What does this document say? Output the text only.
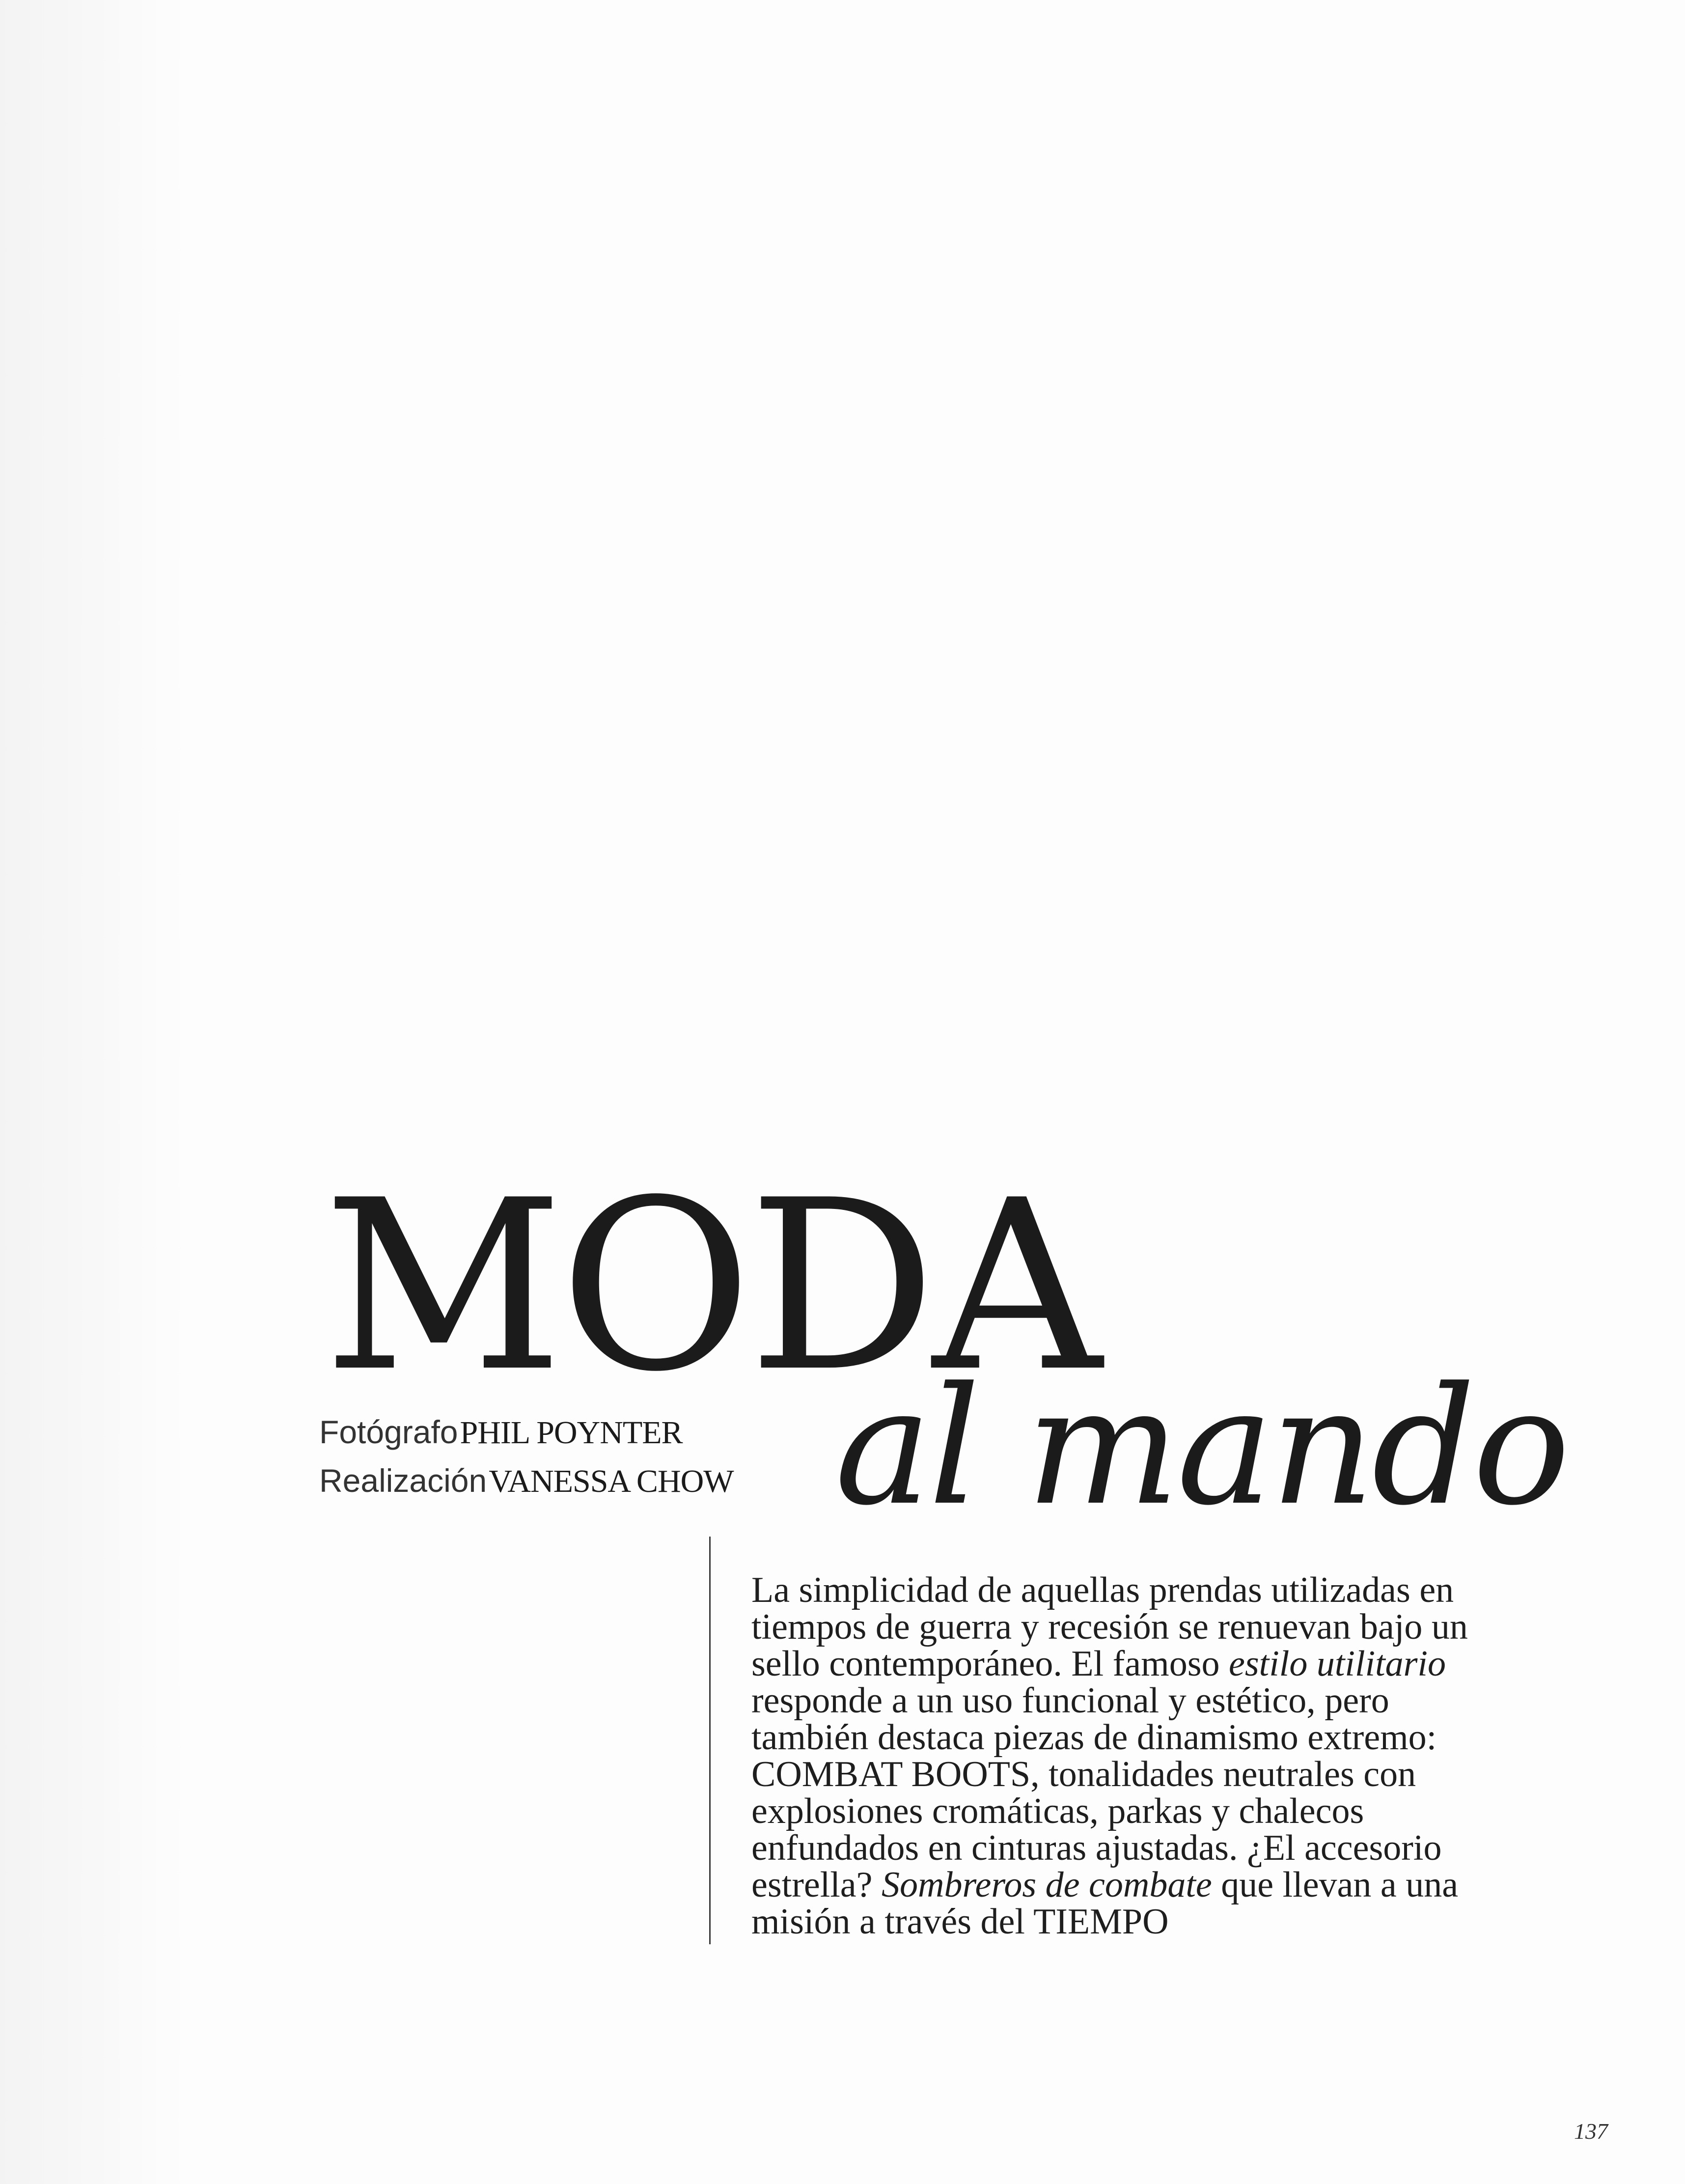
MODA
al mando
Fotógrafo PHIL POYNTER
Realización VANESSA CHOW

La simplicidad de aquellas prendas utilizadas en tiempos de guerra y recesión se renuevan bajo un sello contemporáneo. El famoso estilo utilitario responde a un uso funcional y estético, pero también destaca piezas de dinamismo extremo: COMBAT BOOTS, tonalidades neutrales con explosiones cromáticas, parkas y chalecos enfundados en cinturas ajustadas. ¿El accesorio estrella? Sombreros de combate que llevan a una misión a través del TIEMPO

137
